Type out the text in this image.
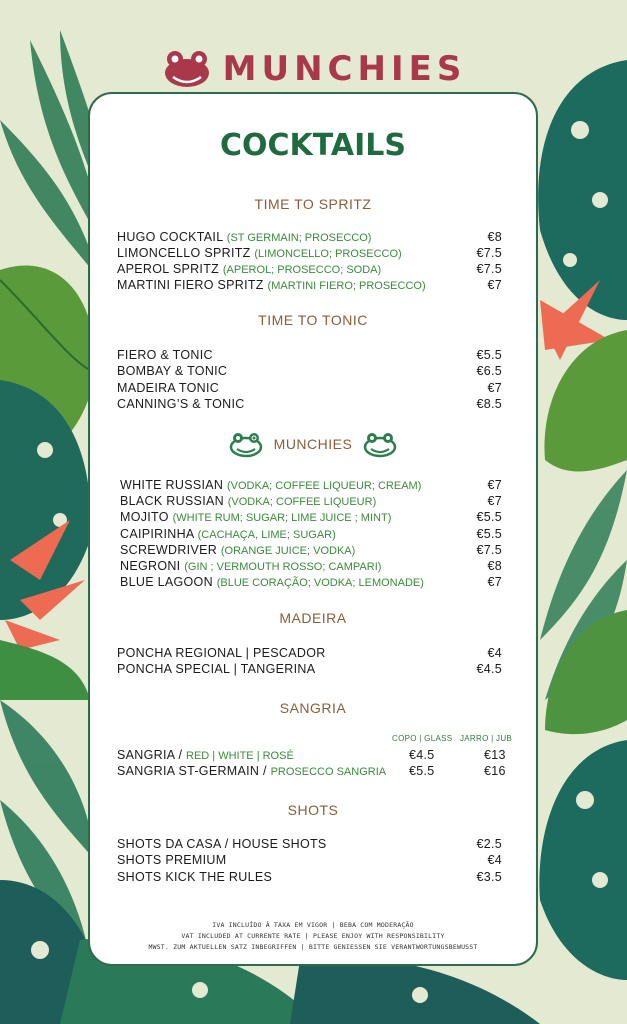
MUNCHIES
COCKTAILS
TIME TO SPRITZ
HUGO COCKTAIL (ST GERMAIN; PROSECCO)	€8
LIMONCELLO SPRITZ (LIMONCELLO; PROSECCO)	€7.5
APEROL SPRITZ (APEROL; PROSECCO; SODA)	€7.5
MARTINI FIERO SPRITZ (MARTINI FIERO; PROSECCO)	€7
TIME TO TONIC
FIERO & TONIC	€5.5
BOMBAY & TONIC	€6.5
MADEIRA TONIC	€7
CANNING’S & TONIC	€8.5
MUNCHIES
WHITE RUSSIAN (VODKA; COFFEE LIQUEUR; CREAM)	€7
BLACK RUSSIAN (VODKA; COFFEE LIQUEUR)	€7
MOJITO (WHITE RUM; SUGAR; LIME JUICE ; MINT)	€5.5
CAIPIRINHA (CACHAÇA, LIME; SUGAR)	€5.5
SCREWDRIVER (ORANGE JUICE; VODKA)	€7.5
NEGRONI (GIN ; VERMOUTH ROSSO; CAMPARI)	€8
BLUE LAGOON (BLUE CORAÇÃO; VODKA; LEMONADE)	€7
MADEIRA
PONCHA REGIONAL | PESCADOR	€4
PONCHA SPECIAL | TANGERINA	€4.5
SANGRIA
COPO | GLASS JARRO | JUB
SANGRIA / RED | WHITE | ROSÉ	€4.5	€13
SANGRIA ST-GERMAIN / PROSECCO SANGRIA €5.5	€16
SHOTS
SHOTS DA CASA / HOUSE SHOTS	€2.5
SHOTS PREMIUM	€4
SHOTS KICK THE RULES	€3.5
IVA INCLUÍDO À TAXA EM VIGOR | BEBA COM MODERAÇÃO
VAT INCLUDED AT CURRENTE RATE | PLEASE ENJOY WITH RESPONSIBILITY
MWST. ZUM AKTUELLEN SATZ INBEGRIFFEN | BITTE GENIESSEN SIE VERANTWORTUNGSBEWUSST
